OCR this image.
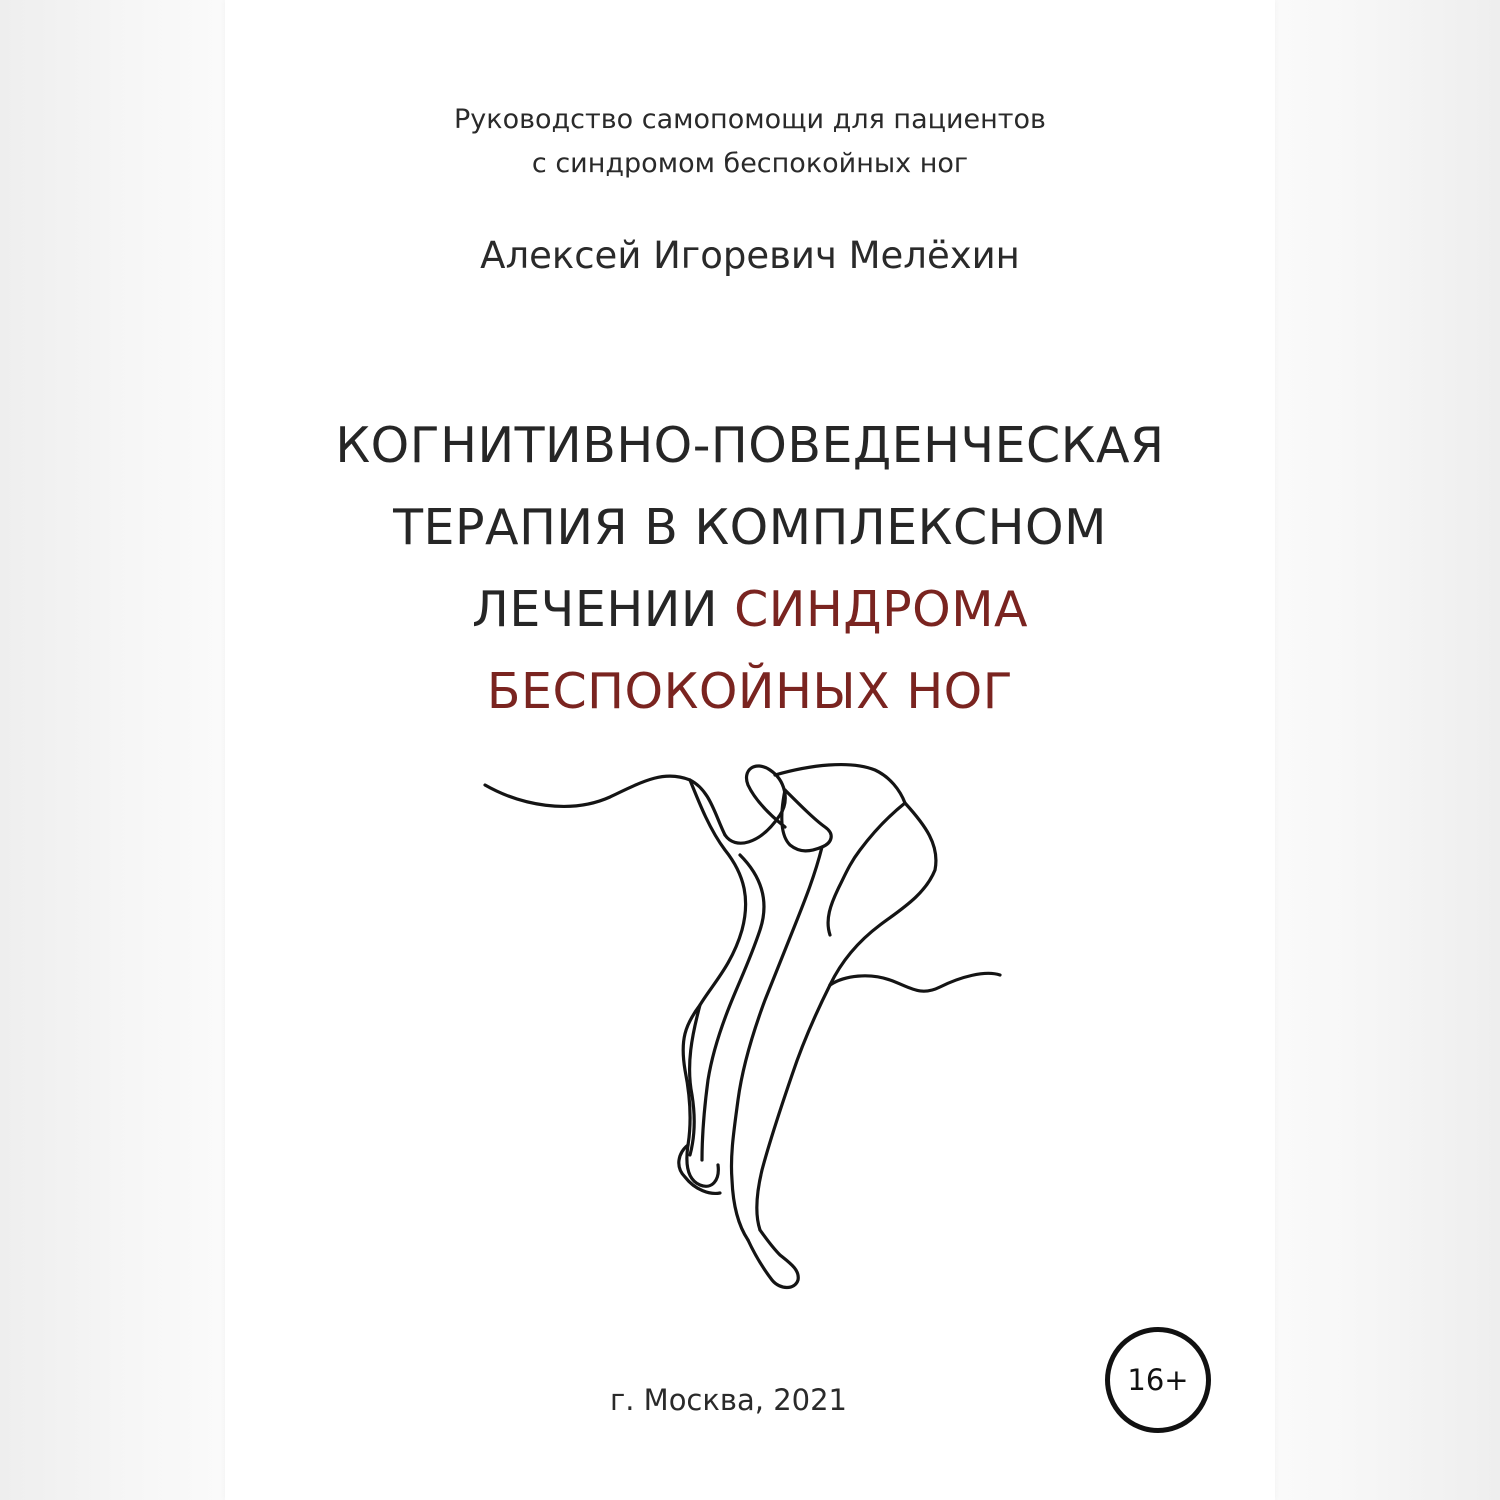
Руководство самопомощи для пациентов
с синдромом беспокойных ног
Алексей Игоревич Мелёхин
КОГНИТИВНО-ПОВЕДЕНЧЕСКАЯ
ТЕРАПИЯ В КОМПЛЕКСНОМ
ЛЕЧЕНИИ СИНДРОМА
БЕСПОКОЙНЫХ НОГ
г. Москва, 2021
16+
